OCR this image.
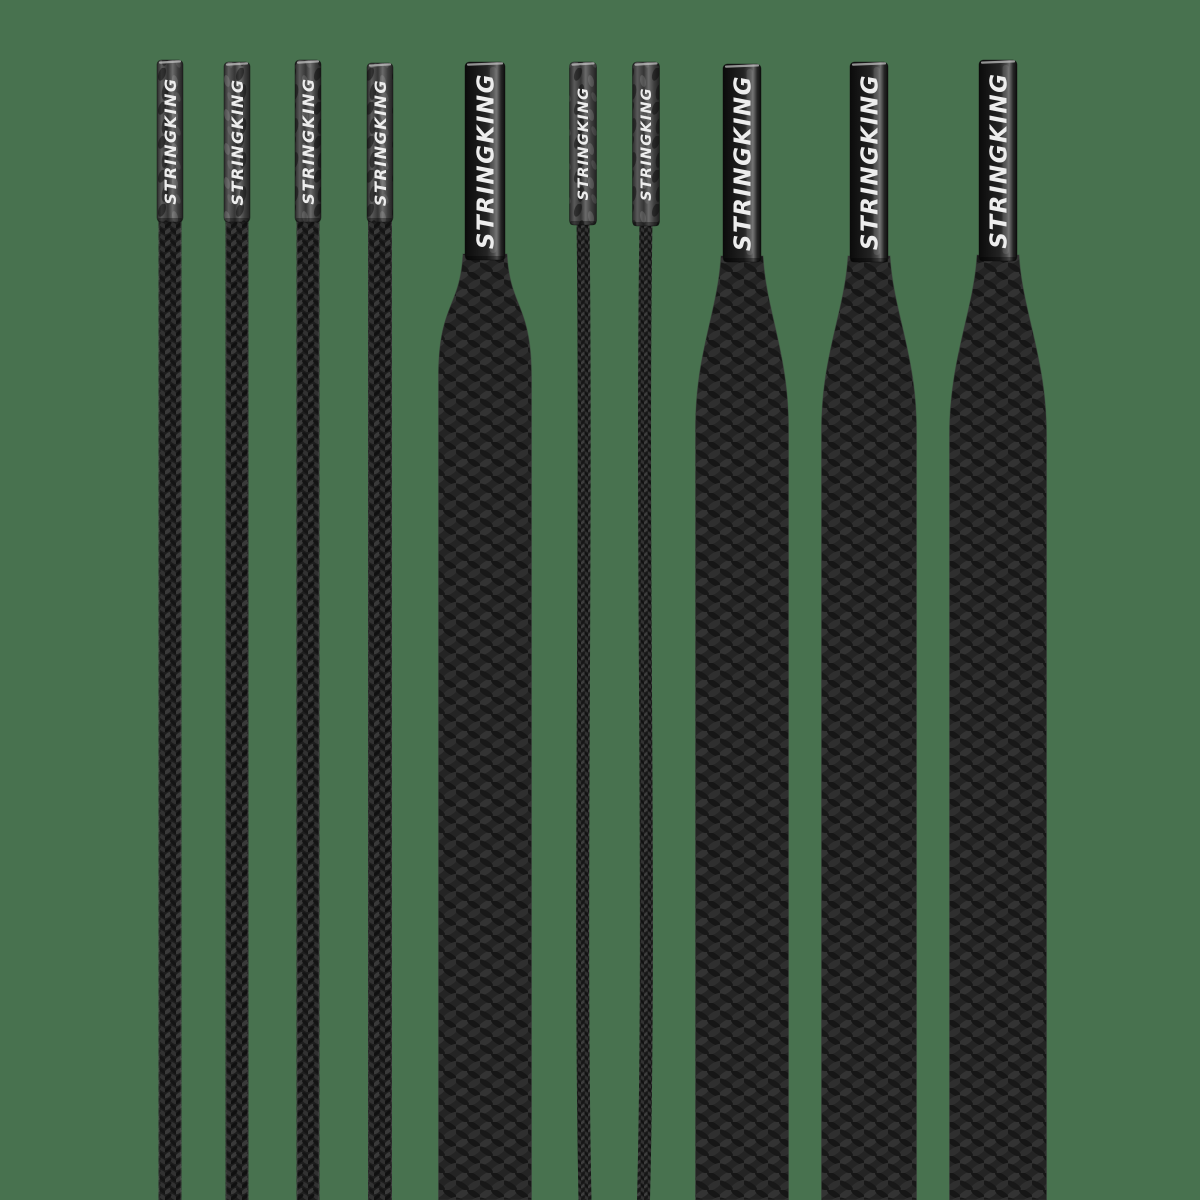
STRINGKING	STRINGKING	STRINGKING	STRINGKING	STRINGKING	STRINGKING	STRINGKING	STRINGKING	STRINGKING	STRINGKING
